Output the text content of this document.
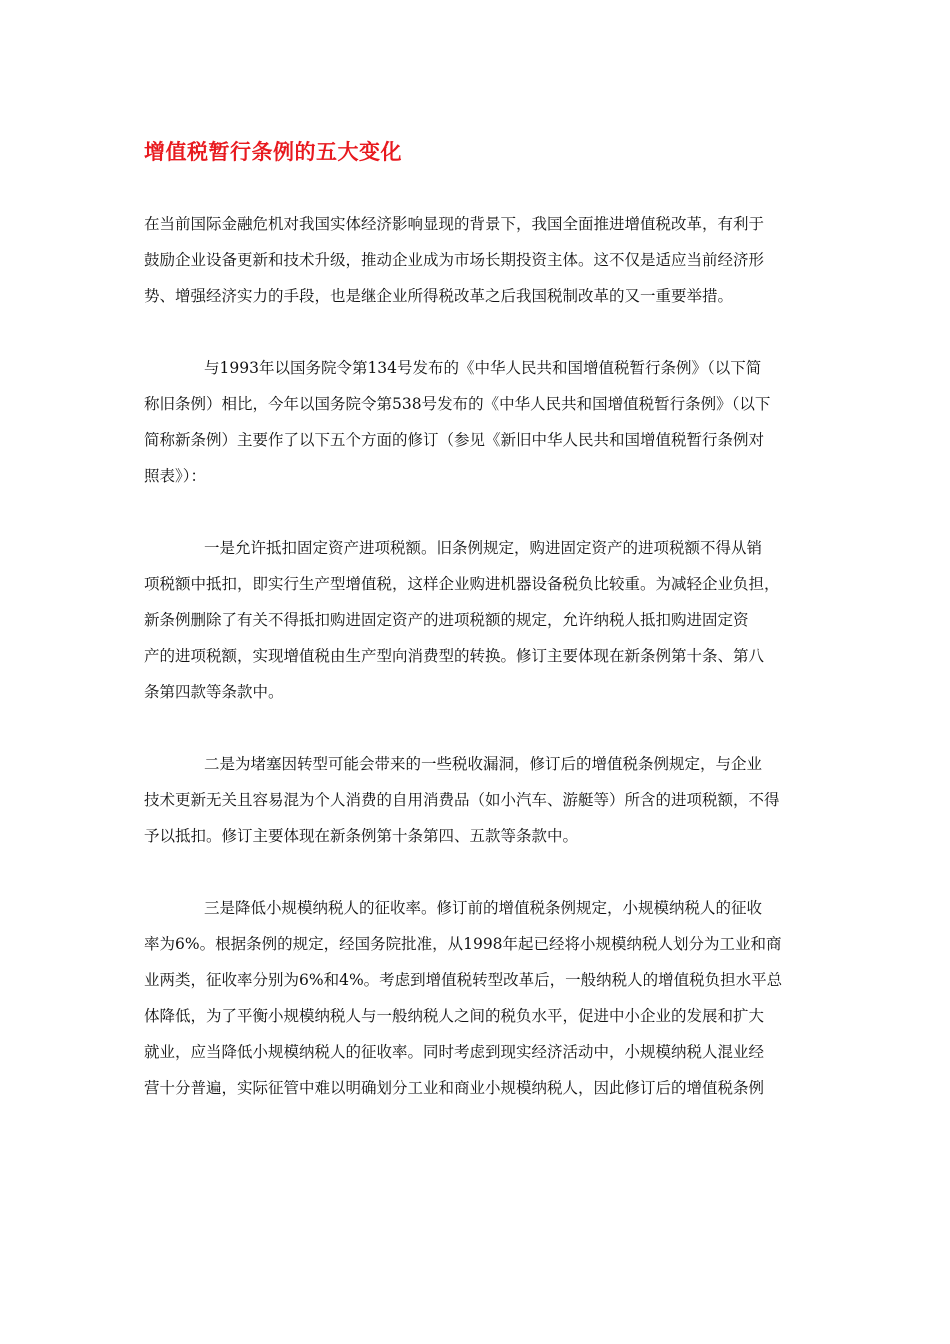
增值税暂行条例的五大变化

在当前国际金融危机对我国实体经济影响显现的背景下，我国全面推进增值税改革，有利于
鼓励企业设备更新和技术升级，推动企业成为市场长期投资主体。这不仅是适应当前经济形
势、增强经济实力的手段，也是继企业所得税改革之后我国税制改革的又一重要举措。

与1993年以国务院令第134号发布的《中华人民共和国增值税暂行条例》（以下简
称旧条例）相比，今年以国务院令第538号发布的《中华人民共和国增值税暂行条例》（以下
简称新条例）主要作了以下五个方面的修订（参见《新旧中华人民共和国增值税暂行条例对
照表》）：

一是允许抵扣固定资产进项税额。旧条例规定，购进固定资产的进项税额不得从销
项税额中抵扣，即实行生产型增值税，这样企业购进机器设备税负比较重。为减轻企业负担，
新条例删除了有关不得抵扣购进固定资产的进项税额的规定，允许纳税人抵扣购进固定资
产的进项税额，实现增值税由生产型向消费型的转换。修订主要体现在新条例第十条、第八
条第四款等条款中。

二是为堵塞因转型可能会带来的一些税收漏洞，修订后的增值税条例规定，与企业
技术更新无关且容易混为个人消费的自用消费品（如小汽车、游艇等）所含的进项税额，不得
予以抵扣。修订主要体现在新条例第十条第四、五款等条款中。

三是降低小规模纳税人的征收率。修订前的增值税条例规定，小规模纳税人的征收
率为6%。根据条例的规定，经国务院批准，从1998年起已经将小规模纳税人划分为工业和商
业两类，征收率分别为6%和4%。考虑到增值税转型改革后，一般纳税人的增值税负担水平总
体降低，为了平衡小规模纳税人与一般纳税人之间的税负水平，促进中小企业的发展和扩大
就业，应当降低小规模纳税人的征收率。同时考虑到现实经济活动中，小规模纳税人混业经
营十分普遍，实际征管中难以明确划分工业和商业小规模纳税人，因此修订后的增值税条例
